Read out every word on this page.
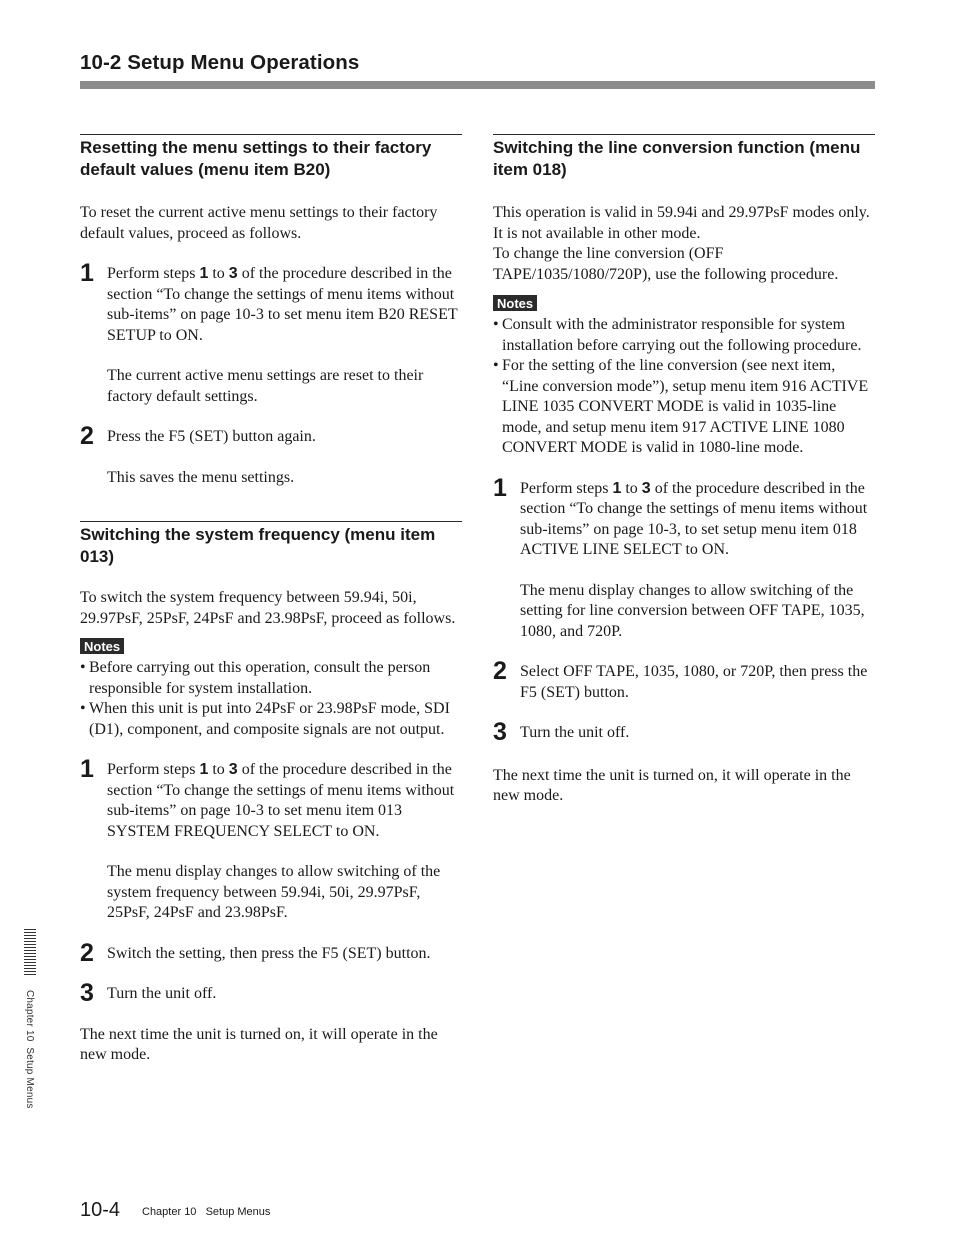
10-2 Setup Menu Operations
Resetting the menu settings to their factory default values (menu item B20)

To reset the current active menu settings to their factory default values, proceed as follows.

1 Perform steps 1 to 3 of the procedure described in the section “To change the settings of menu items without sub-items” on page 10-3 to set menu item B20 RESET SETUP to ON.
The current active menu settings are reset to their factory default settings.
2 Press the F5 (SET) button again.
This saves the menu settings.
Switching the system frequency (menu item 013)

To switch the system frequency between 59.94i, 50i, 29.97PsF, 25PsF, 24PsF and 23.98PsF, proceed as follows.

Notes
• Before carrying out this operation, consult the person responsible for system installation.
• When this unit is put into 24PsF or 23.98PsF mode, SDI (D1), component, and composite signals are not output.
1 Perform steps 1 to 3 of the procedure described in the section “To change the settings of menu items without sub-items” on page 10-3 to set menu item 013 SYSTEM FREQUENCY SELECT to ON.
The menu display changes to allow switching of the system frequency between 59.94i, 50i, 29.97PsF, 25PsF, 24PsF and 23.98PsF.
2 Switch the setting, then press the F5 (SET) button.
3 Turn the unit off.

The next time the unit is turned on, it will operate in the new mode.

Switching the line conversion function (menu item 018)

This operation is valid in 59.94i and 29.97PsF modes only. It is not available in other mode.

To change the line conversion (OFF TAPE/1035/1080/720P), use the following procedure.

Notes
• Consult with the administrator responsible for system installation before carrying out the following procedure.
• For the setting of the line conversion (see next item, “Line conversion mode”), setup menu item 916 ACTIVE LINE 1035 CONVERT MODE is valid in 1035-line mode, and setup menu item 917 ACTIVE LINE 1080 CONVERT MODE is valid in 1080-line mode.
1 Perform steps 1 to 3 of the procedure described in the section “To change the settings of menu items without sub-items” on page 10-3, to set setup menu item 018 ACTIVE LINE SELECT to ON.
The menu display changes to allow switching of the setting for line conversion between OFF TAPE, 1035, 1080, and 720P.
2 Select OFF TAPE, 1035, 1080, or 720P, then press the F5 (SET) button.
3 Turn the unit off.

The next time the unit is turned on, it will operate in the new mode.

Chapter 10  Setup Menus
10-4 Chapter 10   Setup Menus
